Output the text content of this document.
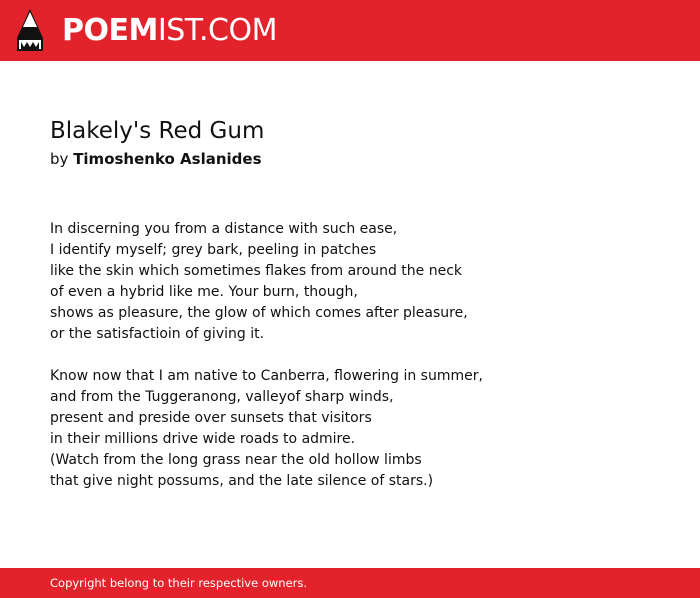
POEMIST.COM
Blakely's Red Gum
by Timoshenko Aslanides
In discerning you from a distance with such ease,
I identify myself; grey bark, peeling in patches
like the skin which sometimes flakes from around the neck
of even a hybrid like me. Your burn, though,
shows as pleasure, the glow of which comes after pleasure,
or the satisfactioin of giving it.
Know now that I am native to Canberra, flowering in summer,
and from the Tuggeranong, valleyof sharp winds,
present and preside over sunsets that visitors
in their millions drive wide roads to admire.
(Watch from the long grass near the old hollow limbs
that give night possums, and the late silence of stars.)
Copyright belong to their respective owners.
